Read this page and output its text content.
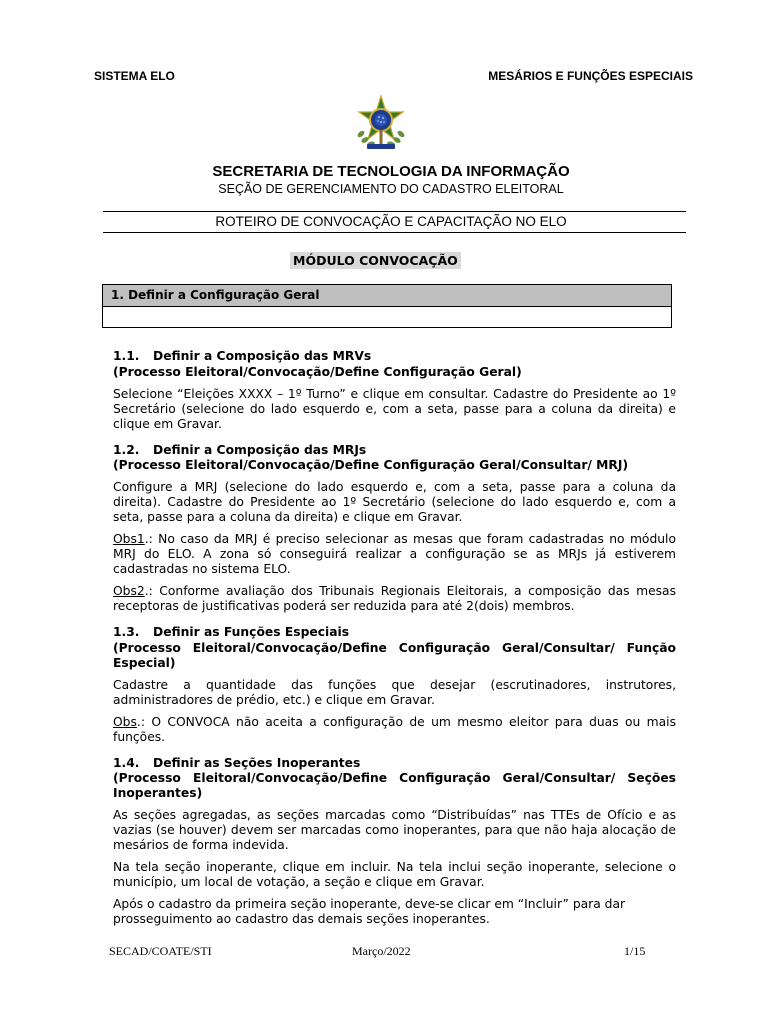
SISTEMA ELO	MESÁRIOS E FUNÇÕES ESPECIAIS
SECRETARIA DE TECNOLOGIA DA INFORMAÇÃO
SEÇÃO DE GERENCIAMENTO DO CADASTRO ELEITORAL
ROTEIRO DE CONVOCAÇÃO E CAPACITAÇÃO NO ELO
MÓDULO CONVOCAÇÃO
1. Definir a Configuração Geral
1.1. Definir a Composição das MRVs
(Processo Eleitoral/Convocação/Define Configuração Geral)

Selecione “Eleições XXXX – 1º Turno” e clique em consultar. Cadastre do Presidente ao 1º Secretário (selecione do lado esquerdo e, com a seta, passe para a coluna da direita) e clique em Gravar.

1.2. Definir a Composição das MRJs
(Processo Eleitoral/Convocação/Define Configuração Geral/Consultar/ MRJ)

Configure a MRJ (selecione do lado esquerdo e, com a seta, passe para a coluna da direita). Cadastre do Presidente ao 1º Secretário (selecione do lado esquerdo e, com a seta, passe para a coluna da direita) e clique em Gravar.

Obs1.: No caso da MRJ é preciso selecionar as mesas que foram cadastradas no módulo MRJ do ELO. A zona só conseguirá realizar a configuração se as MRJs já estiverem cadastradas no sistema ELO.

Obs2.: Conforme avaliação dos Tribunais Regionais Eleitorais, a composição das mesas receptoras de justificativas poderá ser reduzida para até 2(dois) membros.

1.3. Definir as Funções Especiais
(Processo Eleitoral/Convocação/Define Configuração Geral/Consultar/ Função Especial)

Cadastre a quantidade das funções que desejar (escrutinadores, instrutores, administradores de prédio, etc.) e clique em Gravar.

Obs.: O CONVOCA não aceita a configuração de um mesmo eleitor para duas ou mais funções.

1.4. Definir as Seções Inoperantes
(Processo Eleitoral/Convocação/Define Configuração Geral/Consultar/ Seções Inoperantes)

As seções agregadas, as seções marcadas como “Distribuídas” nas TTEs de Ofício e as vazias (se houver) devem ser marcadas como inoperantes, para que não haja alocação de mesários de forma indevida.

Na tela seção inoperante, clique em incluir. Na tela inclui seção inoperante, selecione o município, um local de votação, a seção e clique em Gravar.

Após o cadastro da primeira seção inoperante, deve-se clicar em “Incluir” para dar prosseguimento ao cadastro das demais seções inoperantes.

SECAD/COATE/STI	Março/2022	1/15
